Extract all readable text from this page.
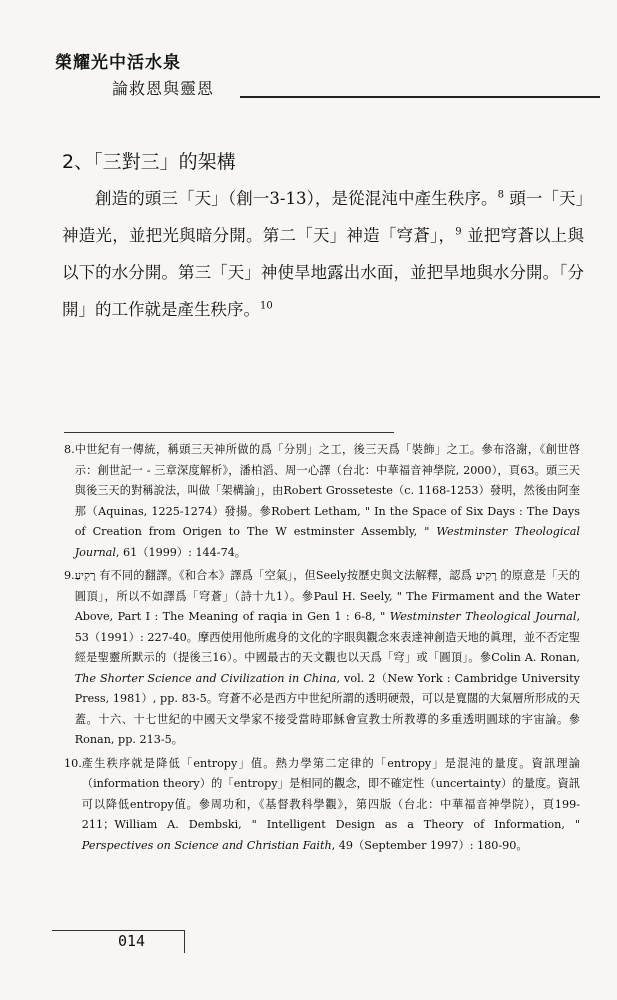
榮耀光中活水泉
論救恩與靈恩
2、「三對三」的架構

創造的頭三「天」（創一3-13），是從混沌中產生秩序。$^8$ 頭一「天」神造光，並把光與暗分開。第二「天」神造「穹蒼」，$^9$ 並把穹蒼以上與以下的水分開。第三「天」神使旱地露出水面，並把旱地與水分開。「分開」的工作就是產生秩序。$^{10}$

8. 中世紀有一傳統，稱頭三天神所做的爲「分別」之工，後三天爲「裝飾」之工。參布洛謝，《創世啓示：創世記一 - 三章深度解析》，潘柏滔、周一心譯（台北：中華福音神學院, 2000），頁63。頭三天與後三天的對稱說法，叫做「架構論」，由Robert Grosseteste（c. 1168-1253）發明，然後由阿奎那（Aquinas, 1225-1274）發揚。參Robert Letham, " In the Space of Six Days : The Days of Creation from Origen to The W estminster Assembly, " Westminster Theological Journal, 61（1999）: 144-74。
9. רָקִיעַ 有不同的翻譯。《和合本》譯爲「空氣」，但Seely按歷史與文法解釋，認爲 רָקִיעַ 的原意是「天的圓頂」，所以不如譯爲「穹蒼」（詩十九1）。參Paul H. Seely, " The Firmament and the Water Above, Part I : The Meaning of raqia in Gen 1 : 6-8, " Westminster Theological Journal, 53（1991）: 227-40。摩西使用他所處身的文化的字眼與觀念來表達神創造天地的眞理，並不否定聖經是聖靈所默示的（提後三16）。中國最古的天文觀也以天爲「穹」或「圓頂」。參Colin A. Ronan, The Shorter Science and Civilization in China, vol. 2（New York : Cambridge University Press, 1981）, pp. 83-5。穹蒼不必是西方中世紀所謂的透明硬殼，可以是寬闊的大氣層所形成的天蓋。十六、十七世紀的中國天文學家不接受當時耶穌會宣教士所教導的多重透明圓球的宇宙論。參Ronan, pp. 213-5。
10. 產生秩序就是降低「entropy」值。熱力學第二定律的「entropy」是混沌的量度。資訊理論（information theory）的「entropy」是相同的觀念，即不確定性（uncertainty）的量度。資訊可以降低entropy值。參周功和，《基督教科學觀》，第四版（台北：中華福音神學院），頁199-211；William A. Dembski, " Intelligent Design as a Theory of Information, " Perspectives on Science and Christian Faith, 49（September 1997）: 180-90。
014
